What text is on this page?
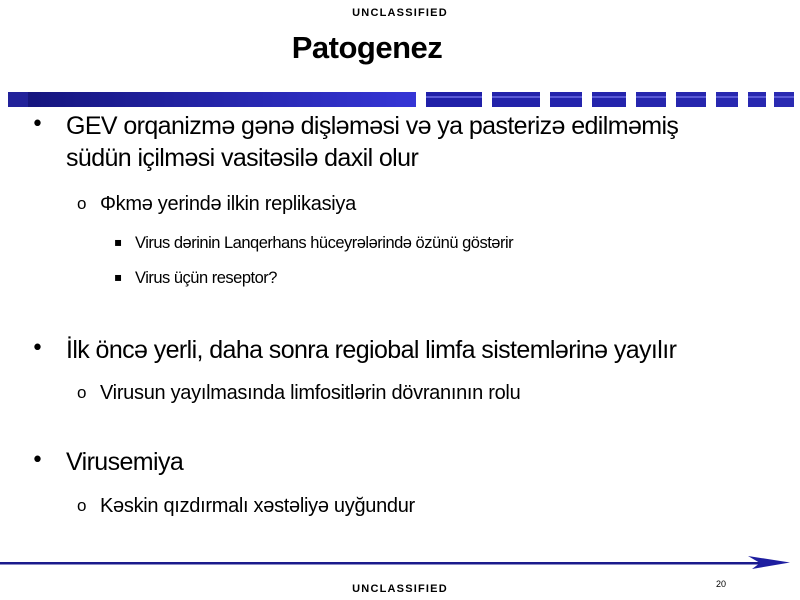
UNCLASSIFIED
Patogenez
• GEV orqanizmə gənə dişləməsi və ya pasterizə edilməmiş
südün içilməsi vasitəsilə daxil olur
o Φkmə yerində ilkin replikasiya
▪ Virus dərinin Lanqerhans hüceyrələrində özünü göstərir
▪ Virus üçün reseptor?
• İlk öncə yerli, daha sonra regiobal limfa sistemlərinə yayılır
o Virusun yayılmasında limfositlərin dövranının rolu
• Virusemiya
o Kəskin qızdırmalı xəstəliyə uyğundur
20
UNCLASSIFIED
